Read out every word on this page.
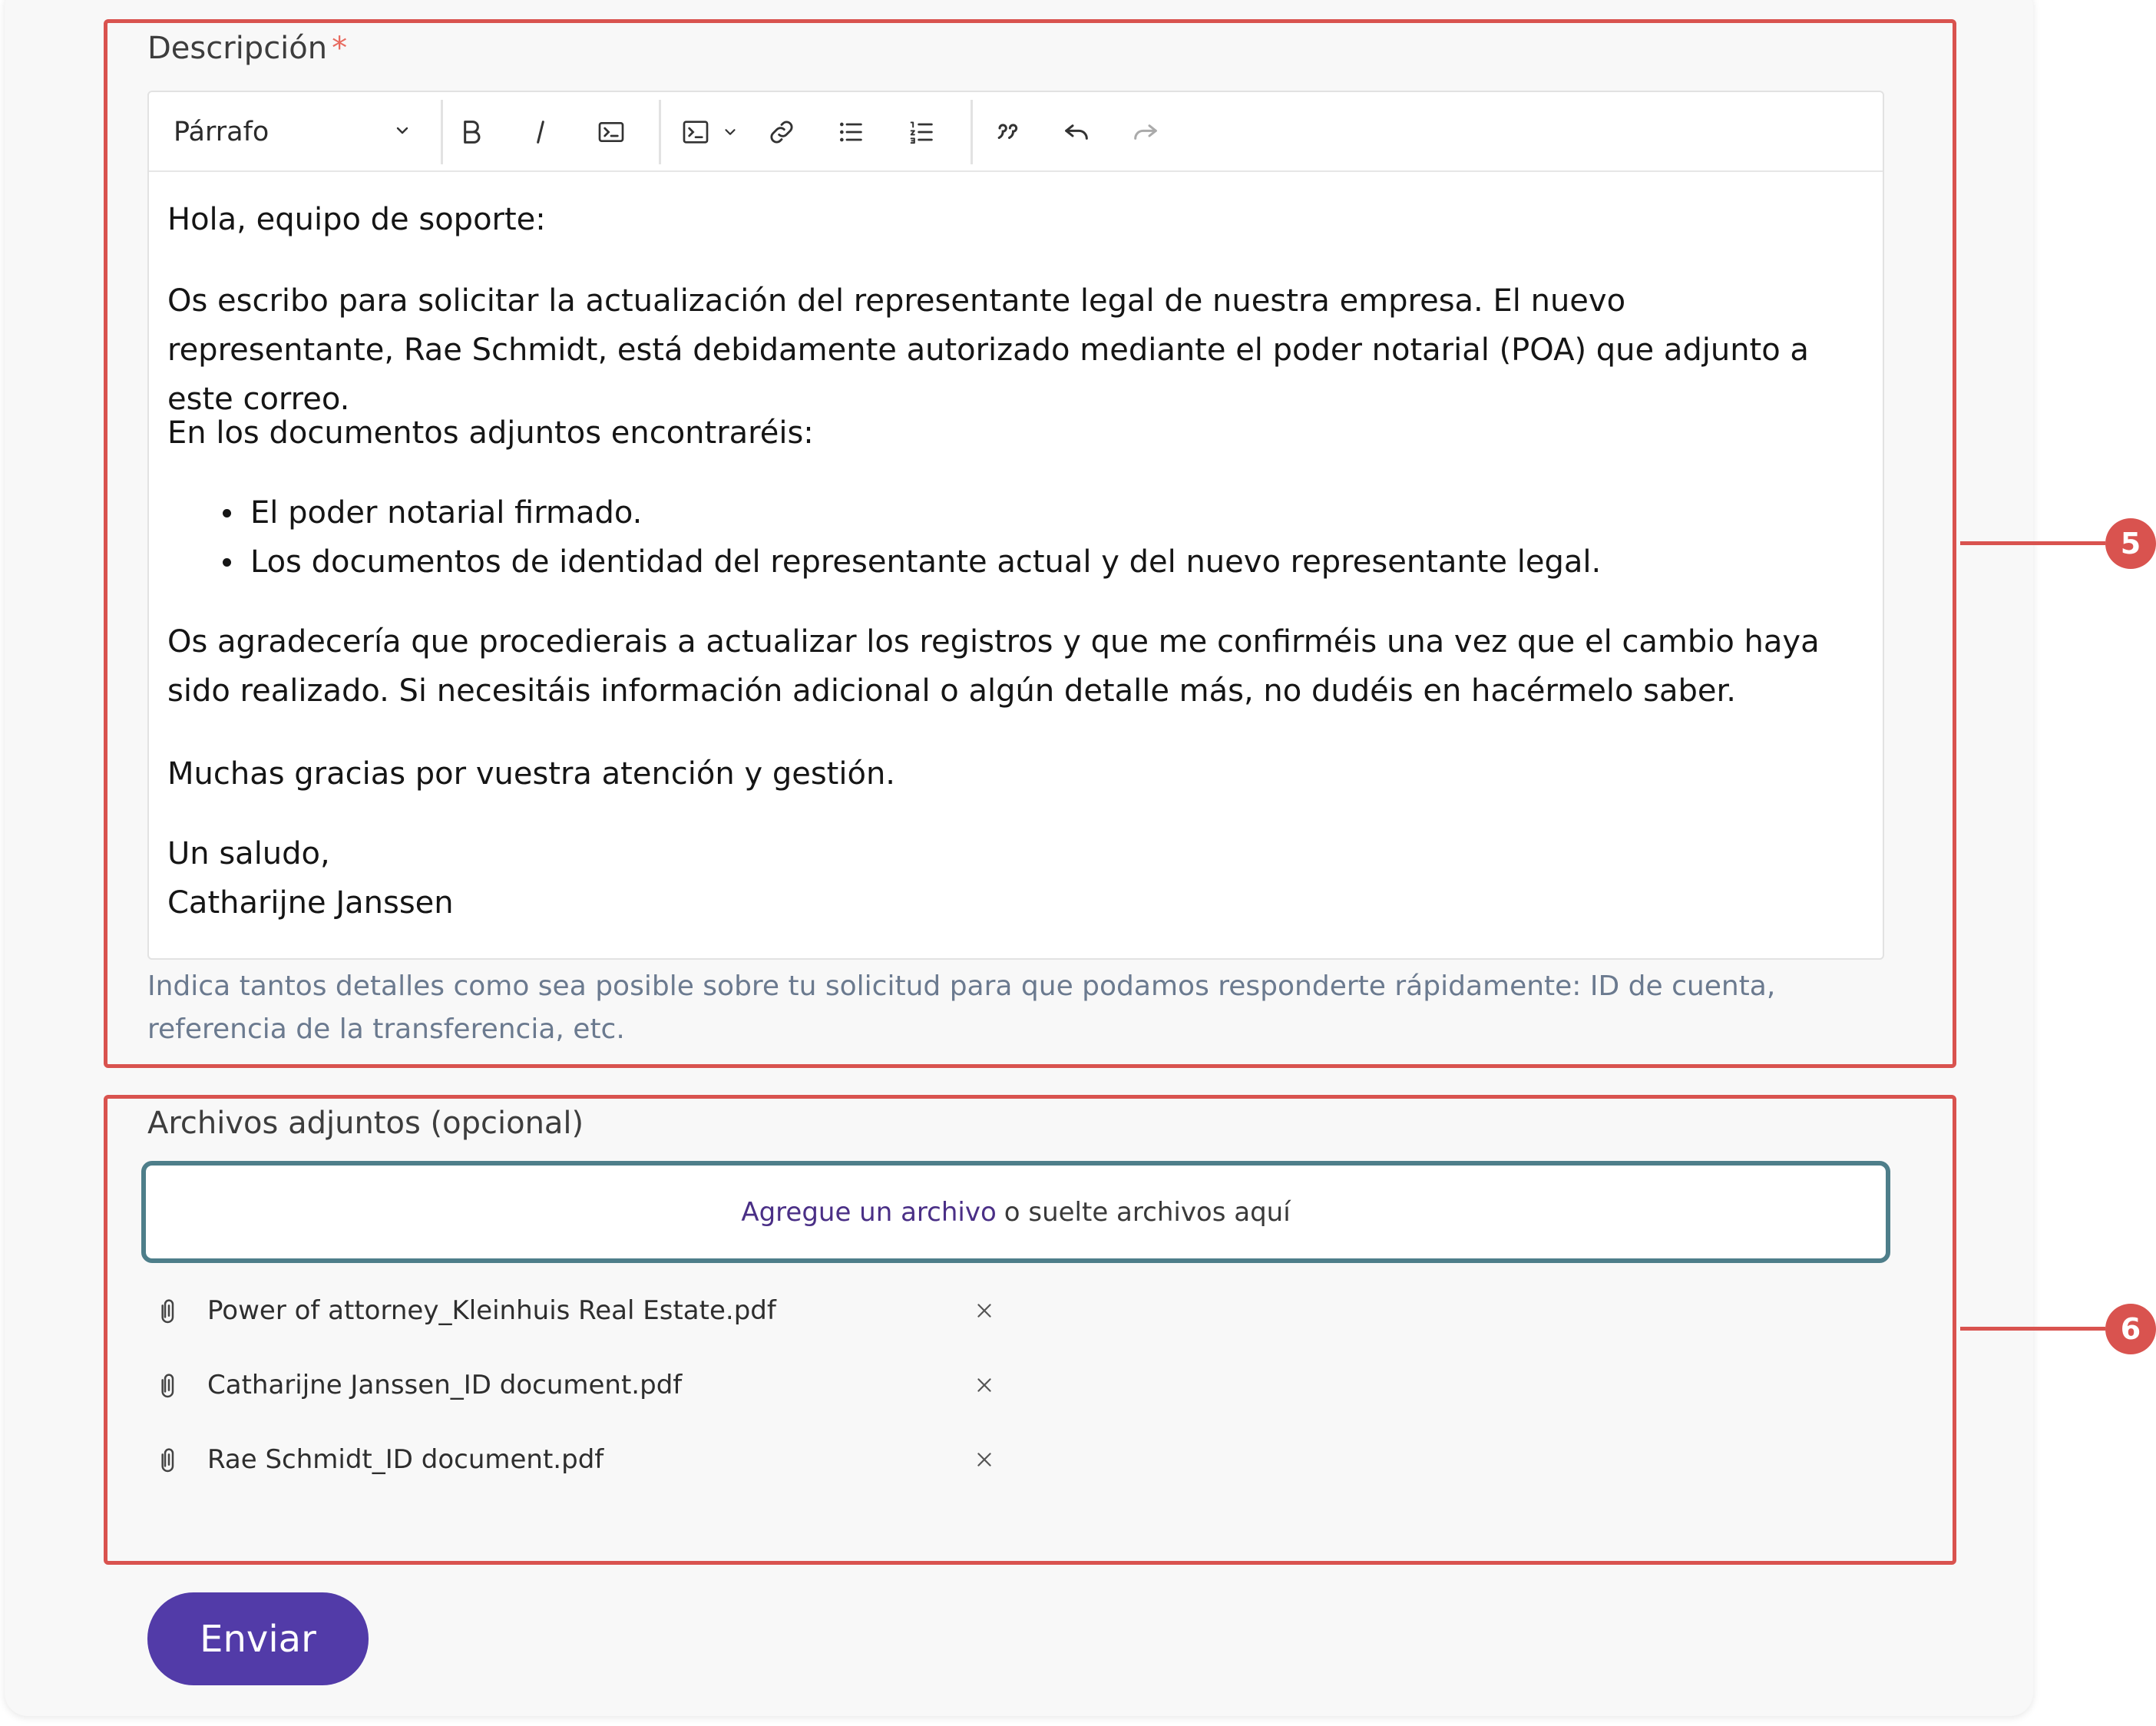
Descripción *
Párrafo
Hola, equipo de soporte:
Os escribo para solicitar la actualización del representante legal de nuestra empresa. El nuevo representante, Rae Schmidt, está debidamente autorizado mediante el poder notarial (POA) que adjunto a este correo.
En los documentos adjuntos encontraréis:
El poder notarial firmado.
Los documentos de identidad del representante actual y del nuevo representante legal.
Os agradecería que procedierais a actualizar los registros y que me confirméis una vez que el cambio haya sido realizado. Si necesitáis información adicional o algún detalle más, no dudéis en hacérmelo saber.
Muchas gracias por vuestra atención y gestión.
Un saludo,
Catharijne Janssen
Indica tantos detalles como sea posible sobre tu solicitud para que podamos responderte rápidamente: ID de cuenta, referencia de la transferencia, etc.
Archivos adjuntos (opcional)
Agregue un archivo o suelte archivos aquí
Power of attorney_Kleinhuis Real Estate.pdf
Catharijne Janssen_ID document.pdf
Rae Schmidt_ID document.pdf
Enviar
5
6
